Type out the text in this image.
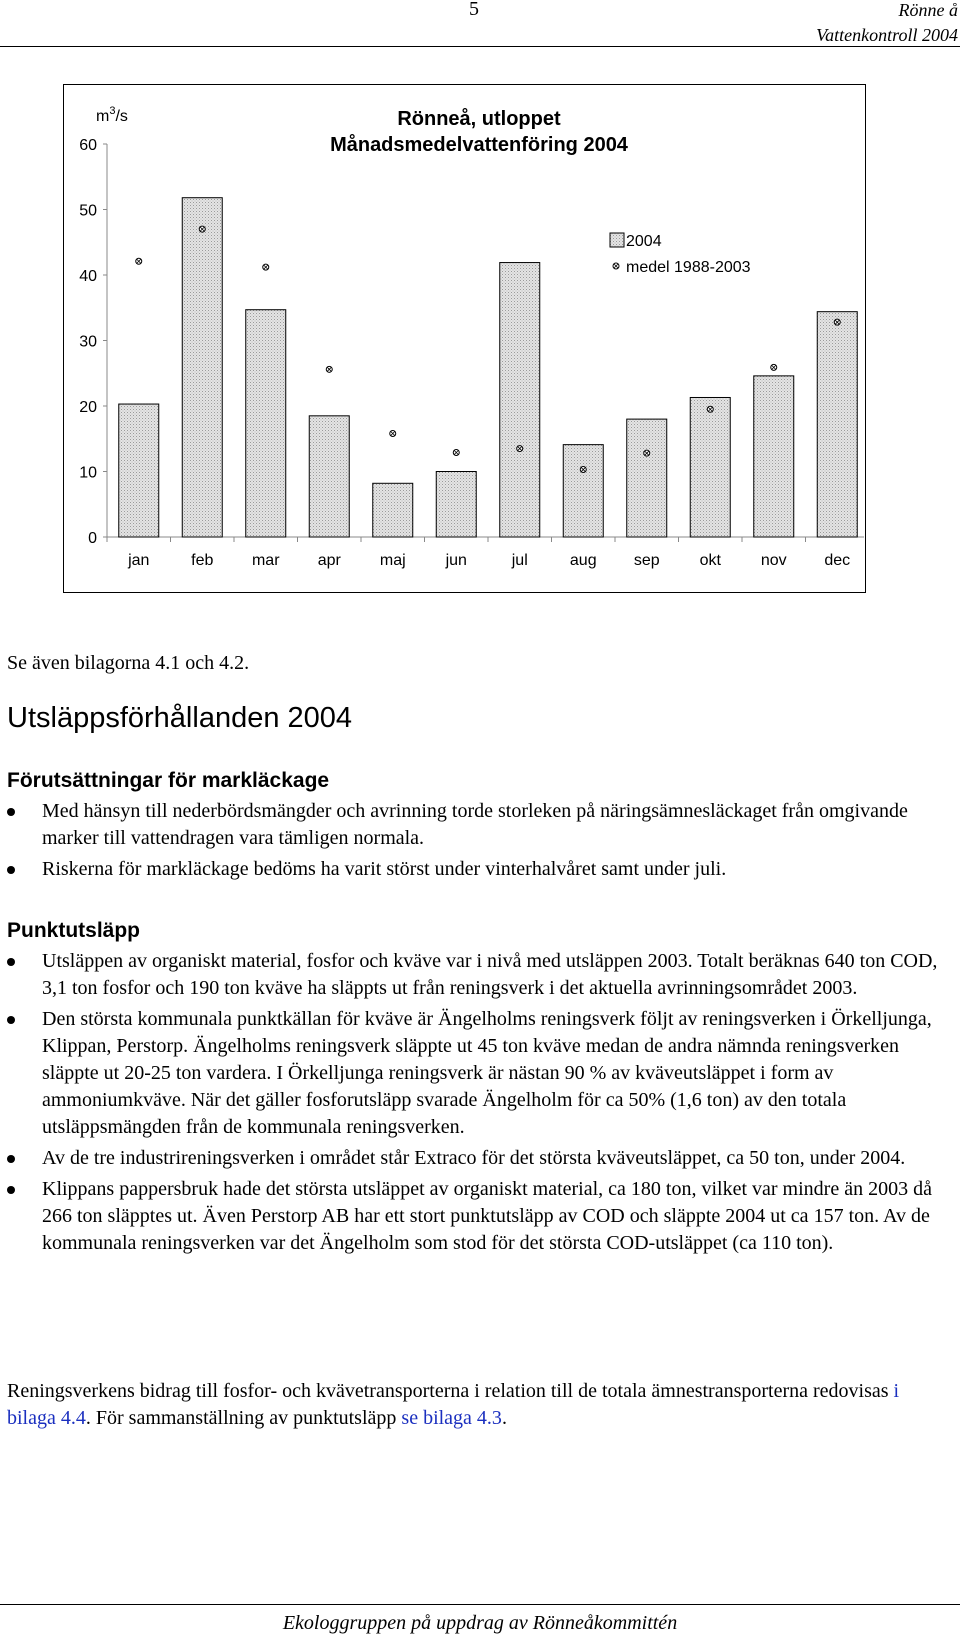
5	Rönne å
Vattenkontroll 2004
$m^3/s$	Rönneå, utloppet
Månadsmedelvattenföring 2004
0
10
20
30
40
50
60
jan	feb mar apr maj jun	jul	aug sep okt nov dec
2004
medel 1988-2003
Se även bilagorna 4.1 och 4.2.
Utsläppsförhållanden 2004
Förutsättningar för markläckage
Med hänsyn till nederbördsmängder och avrinning torde storleken på näringsämnesläckaget från omgivande marker till vattendragen vara tämligen normala.
Riskerna för markläckage bedöms ha varit störst under vinterhalvåret samt under juli.
Punktutsläpp
Utsläppen av organiskt material, fosfor och kväve var i nivå med utsläppen 2003. Totalt beräknas 640 ton COD, 3,1 ton fosfor och 190 ton kväve ha släppts ut från reningsverk i det aktuella avrinningsområdet 2003.
Den största kommunala punktkällan för kväve är Ängelholms reningsverk följt av reningsverken i Örkelljunga, Klippan, Perstorp. Ängelholms reningsverk släppte ut 45 ton kväve medan de andra nämnda reningsverken släppte ut 20-25 ton vardera. I Örkelljunga reningsverk är nästan 90 % av kväveutsläppet i form av ammoniumkväve. När det gäller fosforutsläpp svarade Ängelholm för ca 50% (1,6 ton) av den totala utsläppsmängden från de kommunala reningsverken.
Av de tre industrireningsverken i området står Extraco för det största kväveutsläppet, ca 50 ton, under 2004.
Klippans pappersbruk hade det största utsläppet av organiskt material, ca 180 ton, vilket var mindre än 2003 då 266 ton släpptes ut. Även Perstorp AB har ett stort punktutsläpp av COD och släppte 2004 ut ca 157 ton. Av de kommunala reningsverken var det Ängelholm som stod för det största COD-utsläppet (ca 110 ton).
Reningsverkens bidrag till fosfor- och kvävetransporterna i relation till de totala ämnestransporterna redovisas i bilaga 4.4. För sammanställning av punktutsläpp se bilaga 4.3.
Ekologgruppen på uppdrag av Rönneåkommittén
